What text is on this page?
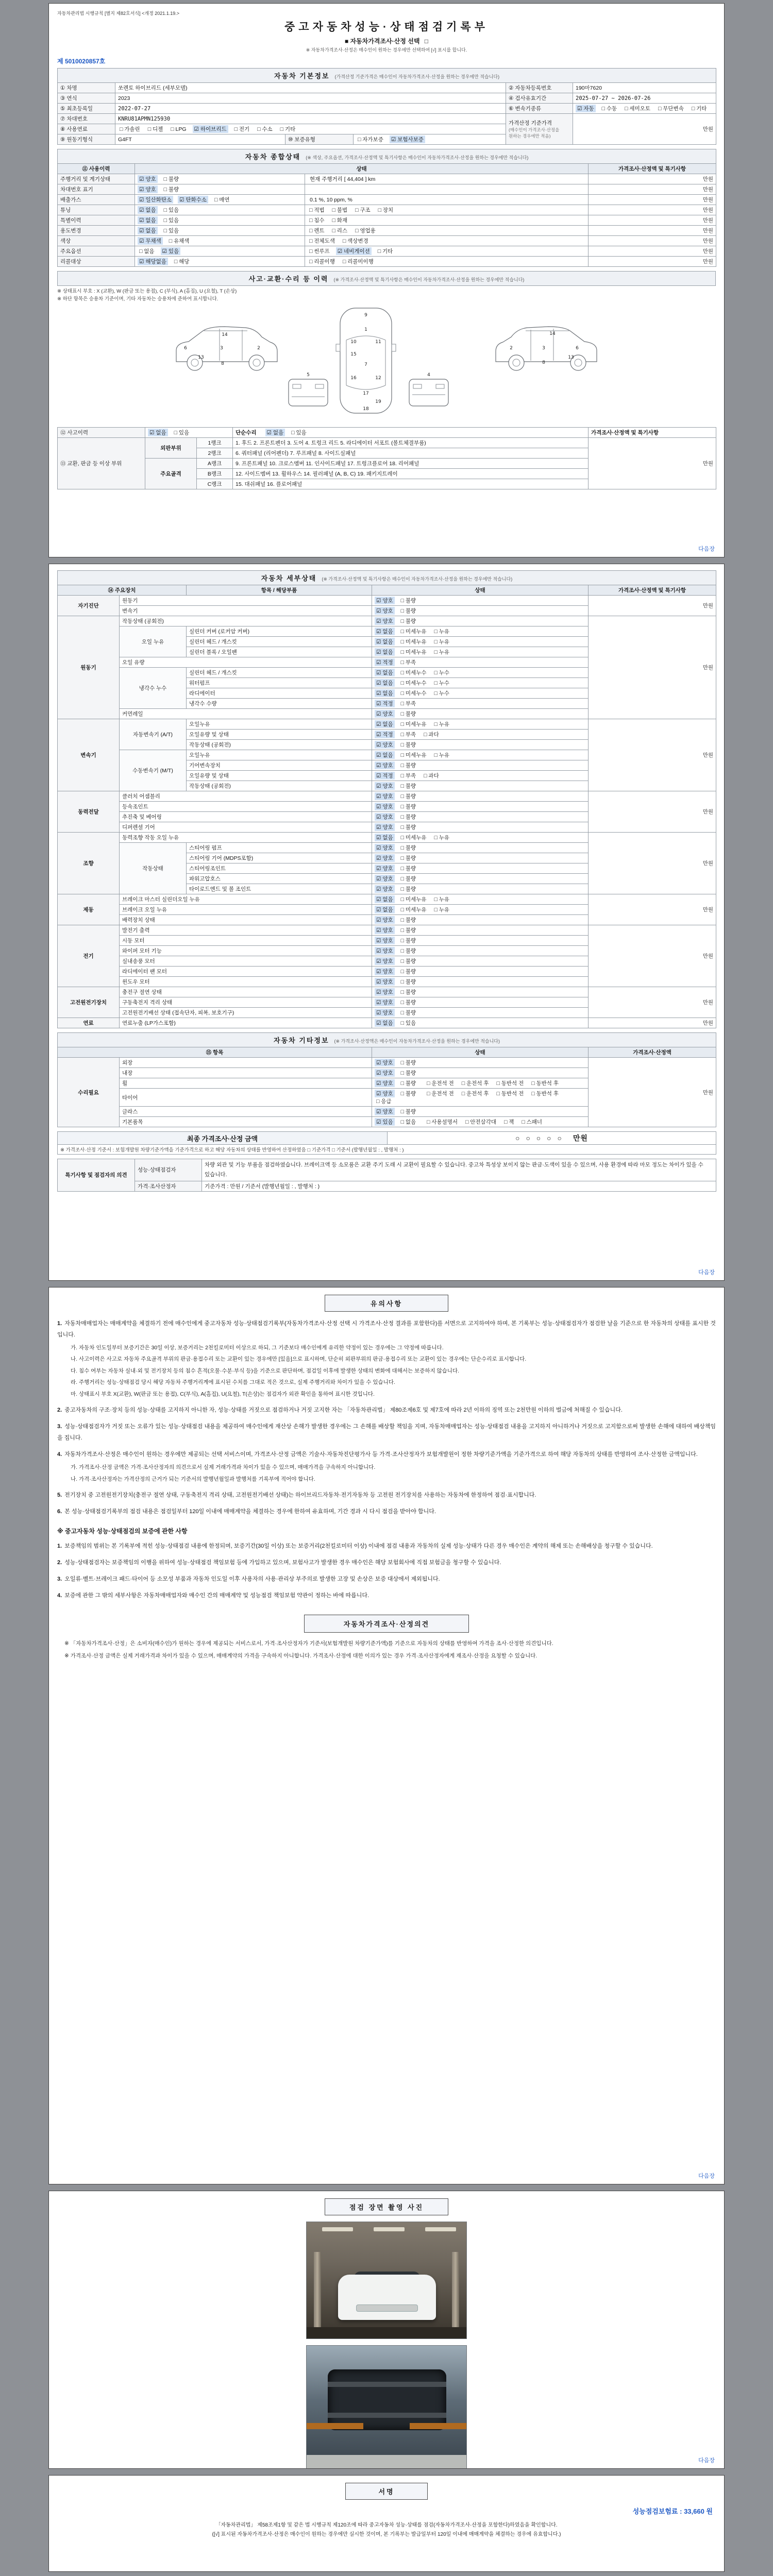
자동차관리법 시행규칙 [별지 제82호서식] <개정 2021.1.19.>
중고자동차성능·상태점검기록부
■ 자동차가격조사·산정 선택 □
※ 자동차가격조사·산정은 매수인이 원하는 경우에만 선택하여 [√] 표시를 합니다.
제 5010020857호
자동차 기본정보 (가격산정 기준가격은 매수인이 자동차가격조사·산정을 원하는 경우에만 적습니다)					
① 차명	쏘렌토 하이브리드 (세부모델)			② 자동차등록번호	190마7620
③ 연식	2023			④ 검사유효기간	2025-07-27 ~ 2026-07-26
⑤ 최초등록일	2022-07-27			⑥ 변속기종류	☑ 자동 □ 수동 □ 세미오토 □ 무단변속 □ 기타
⑦ 차대번호	KNRU81APMN125930			가격산정 기준가격
(매수인이 가격조사·산정을 원하는 경우에만 적음)	만원
⑧ 사용연료	□ 가솔린 □ 디젤 □ LPG ☑ 하이브리드 □ 전기 □ 수소 □ 기타				
⑨ 원동기형식	G4FT	⑩ 보증유형	□ 자가보증 ☑ 보험사보증		
자동차 종합상태 (※ 색상, 주요옵션, 가격조사·산정액 및 특기사항은 매수인이 자동차가격조사·산정을 원하는 경우에만 적습니다)			
⑪ 사용이력	상태		가격조사·산정액 및 특기사항
주행거리 및 계기상태	☑ 양호 □ 불량	현재 주행거리 [ 44,404 ] km	만원
차대번호 표기	☑ 양호 □ 불량		만원
배출가스	☑ 일산화탄소 ☑ 탄화수소 □ 매연	0.1 %, 10 ppm, %	만원
튜닝	☑ 없음 □ 있음	□ 적법 □ 불법 □ 구조 □ 장치	만원
특별이력	☑ 없음 □ 있음	□ 침수 □ 화재	만원
용도변경	☑ 없음 □ 있음	□ 렌트 □ 리스 □ 영업용	만원
색상	☑ 무채색 □ 유채색	□ 전체도색 □ 색상변경	만원
주요옵션	□ 없음 ☑ 있음	□ 썬루프 ☑ 네비게이션 □ 기타	만원
리콜대상	☑ 해당없음 □ 해당	□ 리콜이행 □ 리콜미이행	만원
사고·교환·수리 등 이력 (※ 가격조사·산정액 및 특기사항은 매수인이 자동차가격조사·산정을 원하는 경우에만 적습니다)
※ 상태표시 부호 : X (교환), W (판금 또는 용접), C (부식), A (흠집), U (요철), T (손상)
※ 하단 항목은 승용차 기준이며, 기타 자동차는 승용차에 준하여 표시합니다.
14
6	3	2
13
8
5	4
9
1
10	11
15
7
16	12
17
19
18
2	3	6
8
13
14
⑫ 사고이력	☑ 없음 □ 있음		단순수리 ☑ 없음 □ 있음	가격조사·산정액 및 특기사항
⑬ 교환, 판금 등 이상 부위	외판부위	1랭크	1. 후드 2. 프론트펜더 3. 도어 4. 트렁크 리드 5. 라디에이터 서포트 (볼트체결부품)	만원
		2랭크	6. 쿼터패널 (리어펜더) 7. 루프패널 8. 사이드실패널	
	주요골격	A랭크	9. 프론트패널 10. 크로스멤버 11. 인사이드패널 17. 트렁크플로어 18. 리어패널	
		B랭크	12. 사이드멤버 13. 휠하우스 14. 필러패널 (A, B, C) 19. 패키지트레이	
		C랭크	15. 대쉬패널 16. 플로어패널	
다음장
자동차 세부상태 (※ 가격조사·산정액 및 특기사항은 매수인이 자동차가격조사·산정을 원하는 경우에만 적습니다)				
⑭ 주요장치		항목 / 해당부품	상태	가격조사·산정액 및 특기사항
자기진단	원동기		☑ 양호 □ 불량	만원
	변속기		☑ 양호 □ 불량	
원동기	작동상태 (공회전)		☑ 양호 □ 불량	만원
	오일 누유	실린더 커버 (로커암 커버)	☑ 없음 □ 미세누유 □ 누유	
		실린더 헤드 / 개스킷	☑ 없음 □ 미세누유 □ 누유	
		실린더 블록 / 오일팬	☑ 없음 □ 미세누유 □ 누유	
	오일 유량		☑ 적정 □ 부족	
	냉각수 누수	실린더 헤드 / 개스킷	☑ 없음 □ 미세누수 □ 누수	
		워터펌프	☑ 없음 □ 미세누수 □ 누수	
		라디에이터	☑ 없음 □ 미세누수 □ 누수	
		냉각수 수량	☑ 적정 □ 부족	
	커먼레일		☑ 양호 □ 불량	
변속기	자동변속기 (A/T)	오일누유	☑ 없음 □ 미세누유 □ 누유	만원
		오일유량 및 상태	☑ 적정 □ 부족 □ 과다	
		작동상태 (공회전)	☑ 양호 □ 불량	
	수동변속기 (M/T)	오일누유	☑ 없음 □ 미세누유 □ 누유	
		기어변속장치	☑ 양호 □ 불량	
		오일유량 및 상태	☑ 적정 □ 부족 □ 과다	
		작동상태 (공회전)	☑ 양호 □ 불량	
동력전달	클러치 어셈블리		☑ 양호 □ 불량	만원
	등속조인트		☑ 양호 □ 불량	
	추진축 및 베어링		☑ 양호 □ 불량	
	디퍼렌셜 기어		☑ 양호 □ 불량	
조향	동력조향 작동 오일 누유		☑ 없음 □ 미세누유 □ 누유	만원
	작동상태	스티어링 펌프	☑ 양호 □ 불량	
		스티어링 기어 (MDPS포함)	☑ 양호 □ 불량	
		스티어링조인트	☑ 양호 □ 불량	
		파워고압호스	☑ 양호 □ 불량	
		타이로드엔드 및 볼 조인트	☑ 양호 □ 불량	
제동	브레이크 마스터 실린더오일 누유		☑ 없음 □ 미세누유 □ 누유	만원
	브레이크 오일 누유		☑ 없음 □ 미세누유 □ 누유	
	배력장치 상태		☑ 양호 □ 불량	
전기	발전기 출력		☑ 양호 □ 불량	만원
	시동 모터		☑ 양호 □ 불량	
	와이퍼 모터 기능		☑ 양호 □ 불량	
	실내송풍 모터		☑ 양호 □ 불량	
	라디에이터 팬 모터		☑ 양호 □ 불량	
	윈도우 모터		☑ 양호 □ 불량	
고전원전기장치	충전구 절연 상태		☑ 양호 □ 불량	만원
	구동축전지 격리 상태		☑ 양호 □ 불량	
	고전원전기배선 상태 (접속단자, 피복, 보호기구)		☑ 양호 □ 불량	
연료	연료누출 (LP가스포함)		☑ 없음 □ 있음	만원
자동차 기타정보 (※ 가격조사·산정액은 매수인이 자동차가격조사·산정을 원하는 경우에만 적습니다)			
⑮ 항목		상태	가격조사·산정액
수리필요	외장	☑ 양호 □ 불량	만원
	내장	☑ 양호 □ 불량	
	휠	☑ 양호 □ 불량 □ 운전석 전 □ 운전석 후 □ 동반석 전 □ 동반석 후	
	타이어	☑ 양호 □ 불량 □ 운전석 전 □ 운전석 후 □ 동반석 전 □ 동반석 후□ 응급	
	글라스	☑ 양호 □ 불량	
	기본품목	☑ 있음 □ 없음 □ 사용설명서 □ 안전삼각대 □ 잭 □ 스패너	
최종 가격조사·산정 금액	○ ○ ○ ○ ○ 만원
※ 가격조사·산정 기준서 : 보험개발원 차량기준가액을 기준가격으로 하고 해당 자동차의 상태를 반영하여 산정하였음 □ 기준가격 □ 기준서 (발행년월일 : , 발행처 : )
특기사항 및 점검자의 의견	성능·상태점검자	차량 외관 및 기능 부품을 점검하였습니다. 브레이크액 등 소모품은 교환 주기 도래 시 교환이 필요할 수 있습니다. 중고차 특성상 보이지 않는 판금·도색이 있을 수 있으며, 사용 환경에 따라 마모 정도는 차이가 있을 수 있습니다.
	가격·조사산정자	기준가격 : 만원 / 기준서 (발행년월일 : , 발행처 : )
다음장
유의사항
1. 자동차매매업자는 매매계약을 체결하기 전에 매수인에게 중고자동차 성능·상태점검기록부(자동차가격조사·산정 선택 시 가격조사·산정 결과를 포함한다)를 서면으로 고지하여야 하며, 본 기록부는 성능·상태점검자가 점검한 날을 기준으로 한 자동차의 상태를 표시한 것입니다.
가. 자동차 인도일부터 보증기간은 30일 이상, 보증거리는 2천킬로미터 이상으로 하되, 그 기준보다 매수인에게 유리한 약정이 있는 경우에는 그 약정에 따릅니다.
나. 사고이력은 사고로 자동차 주요골격 부위의 판금·용접수리 또는 교환이 있는 경우에만 [있음]으로 표시하며, 단순히 외판부위의 판금·용접수리 또는 교환이 있는 경우에는 단순수리로 표시합니다.
다. 침수 여부는 자동차 실내·외 및 전기장치 등의 침수 흔적(오물·수분·부식 등)을 기준으로 판단하며, 점검일 이후에 발생한 상태의 변화에 대해서는 보증하지 않습니다.
라. 주행거리는 성능·상태점검 당시 해당 자동차 주행거리계에 표시된 수치를 그대로 적은 것으로, 실제 주행거리와 차이가 있을 수 있습니다.
마. 상태표시 부호 X(교환), W(판금 또는 용접), C(부식), A(흠집), U(요철), T(손상)는 점검자가 외관 확인을 통하여 표시한 것입니다.
2. 중고자동차의 구조·장치 등의 성능·상태를 고지하지 아니한 자, 성능·상태를 거짓으로 점검하거나 거짓 고지한 자는 「자동차관리법」 제80조제6호 및 제7호에 따라 2년 이하의 징역 또는 2천만원 이하의 벌금에 처해질 수 있습니다.
3. 성능·상태점검자가 거짓 또는 오류가 있는 성능·상태점검 내용을 제공하여 매수인에게 재산상 손해가 발생한 경우에는 그 손해를 배상할 책임을 지며, 자동차매매업자는 성능·상태점검 내용을 고지하지 아니하거나 거짓으로 고지함으로써 발생한 손해에 대하여 배상책임을 집니다.
4. 자동차가격조사·산정은 매수인이 원하는 경우에만 제공되는 선택 서비스이며, 가격조사·산정 금액은 기술사·자동차진단평가사 등 가격·조사산정자가 보험개발원이 정한 차량기준가액을 기준가격으로 하여 해당 자동차의 상태를 반영하여 조사·산정한 금액입니다.
가. 가격조사·산정 금액은 가격·조사산정자의 의견으로서 실제 거래가격과 차이가 있을 수 있으며, 매매가격을 구속하지 아니합니다.
나. 가격·조사산정자는 가격산정의 근거가 되는 기준서의 발행년월일과 발행처를 기록부에 적어야 합니다.
5. 전기장치 중 고전원전기장치(충전구 절연 상태, 구동축전지 격리 상태, 고전원전기배선 상태)는 하이브리드자동차·전기자동차 등 고전원 전기장치를 사용하는 자동차에 한정하여 점검·표시합니다.
6. 본 성능·상태점검기록부의 점검 내용은 점검일부터 120일 이내에 매매계약을 체결하는 경우에 한하여 유효하며, 기간 경과 시 다시 점검을 받아야 합니다.
※ 중고자동차 성능·상태점검의 보증에 관한 사항
1. 보증책임의 범위는 본 기록부에 적힌 성능·상태점검 내용에 한정되며, 보증기간(30일 이상) 또는 보증거리(2천킬로미터 이상) 이내에 점검 내용과 자동차의 실제 성능·상태가 다른 경우 매수인은 계약의 해제 또는 손해배상을 청구할 수 있습니다.
2. 성능·상태점검자는 보증책임의 이행을 위하여 성능·상태점검 책임보험 등에 가입하고 있으며, 보험사고가 발생한 경우 매수인은 해당 보험회사에 직접 보험금을 청구할 수 있습니다.
3. 오일류·벨트·브레이크 패드·타이어 등 소모성 부품과 자동차 인도일 이후 사용자의 사용·관리상 부주의로 발생한 고장 및 손상은 보증 대상에서 제외됩니다.
4. 보증에 관한 그 밖의 세부사항은 자동차매매업자와 매수인 간의 매매계약 및 성능점검 책임보험 약관이 정하는 바에 따릅니다.
자동차가격조사·산정의견
※ 「자동차가격조사·산정」은 소비자(매수인)가 원하는 경우에 제공되는 서비스로서, 가격·조사산정자가 기준서(보험개발원 차량기준가액)를 기준으로 자동차의 상태를 반영하여 가격을 조사·산정한 의견입니다.
※ 가격조사·산정 금액은 실제 거래가격과 차이가 있을 수 있으며, 매매계약의 가격을 구속하지 아니합니다. 가격조사·산정에 대한 이의가 있는 경우 가격·조사산정자에게 재조사·산정을 요청할 수 있습니다.
다음장
점검 장면 촬영 사진
다음장
서명
성능점검보험료 : 33,660 원
「자동차관리법」 제58조제1항 및 같은 법 시행규칙 제120조에 따라 중고자동차 성능·상태를 점검(자동차가격조사·산정을 포함한다)하였음을 확인합니다.
([√] 표시된 자동차가격조사·산정은 매수인이 원하는 경우에만 실시한 것이며, 본 기록부는 발급일부터 120일 이내에 매매계약을 체결하는 경우에 유효합니다.)
